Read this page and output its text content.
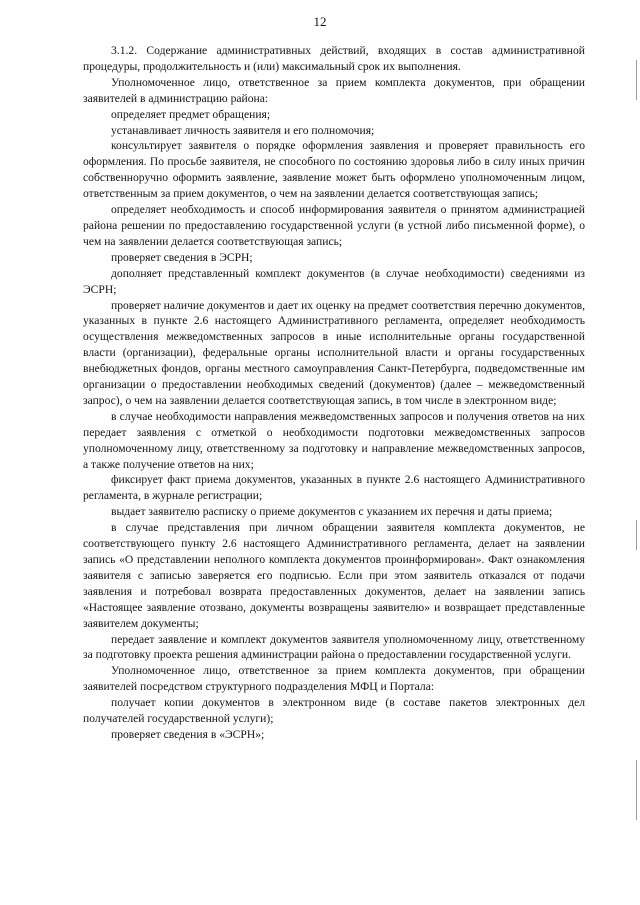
12

3.1.2. Содержание административных действий, входящих в состав административной процедуры, продолжительность и (или) максимальный срок их выполнения.

Уполномоченное лицо, ответственное за прием комплекта документов, при обращении заявителей в администрацию района:

определяет предмет обращения;

устанавливает личность заявителя и его полномочия;

консультирует заявителя о порядке оформления заявления и проверяет правильность его оформления. По просьбе заявителя, не способного по состоянию здоровья либо в силу иных причин собственноручно оформить заявление, заявление может быть оформлено уполномоченным лицом, ответственным за прием документов, о чем на заявлении делается соответствующая запись;

определяет необходимость и способ информирования заявителя о принятом администрацией района решении по предоставлению государственной услуги (в устной либо письменной форме), о чем на заявлении делается соответствующая запись;

проверяет сведения в ЭСРН;

дополняет представленный комплект документов (в случае необходимости) сведениями из ЭСРН;

проверяет наличие документов и дает их оценку на предмет соответствия перечню документов, указанных в пункте 2.6 настоящего Административного регламента, определяет необходимость осуществления межведомственных запросов в иные исполнительные органы государственной власти (организации), федеральные органы исполнительной власти и органы государственных внебюджетных фондов, органы местного самоуправления Санкт-Петербурга, подведомственные им организации о предоставлении необходимых сведений (документов) (далее – межведомственный запрос), о чем на заявлении делается соответствующая запись, в том числе в электронном виде;

в случае необходимости направления межведомственных запросов и получения ответов на них передает заявления с отметкой о необходимости подготовки межведомственных запросов уполномоченному лицу, ответственному за подготовку и направление межведомственных запросов, а также получение ответов на них;

фиксирует факт приема документов, указанных в пункте 2.6 настоящего Административного регламента, в журнале регистрации;

выдает заявителю расписку о приеме документов с указанием их перечня и даты приема;

в случае представления при личном обращении заявителя комплекта документов, не соответствующего пункту 2.6 настоящего Административного регламента, делает на заявлении запись «О представлении неполного комплекта документов проинформирован». Факт ознакомления заявителя с записью заверяется его подписью. Если при этом заявитель отказался от подачи заявления и потребовал возврата предоставленных документов, делает на заявлении запись «Настоящее заявление отозвано, документы возвращены заявителю» и возвращает представленные заявителем документы;

передает заявление и комплект документов заявителя уполномоченному лицу, ответственному за подготовку проекта решения администрации района о предоставлении государственной услуги.

Уполномоченное лицо, ответственное за прием комплекта документов, при обращении заявителей посредством структурного подразделения МФЦ и Портала:

получает копии документов в электронном виде (в составе пакетов электронных дел получателей государственной услуги);

проверяет сведения в «ЭСРН»;
